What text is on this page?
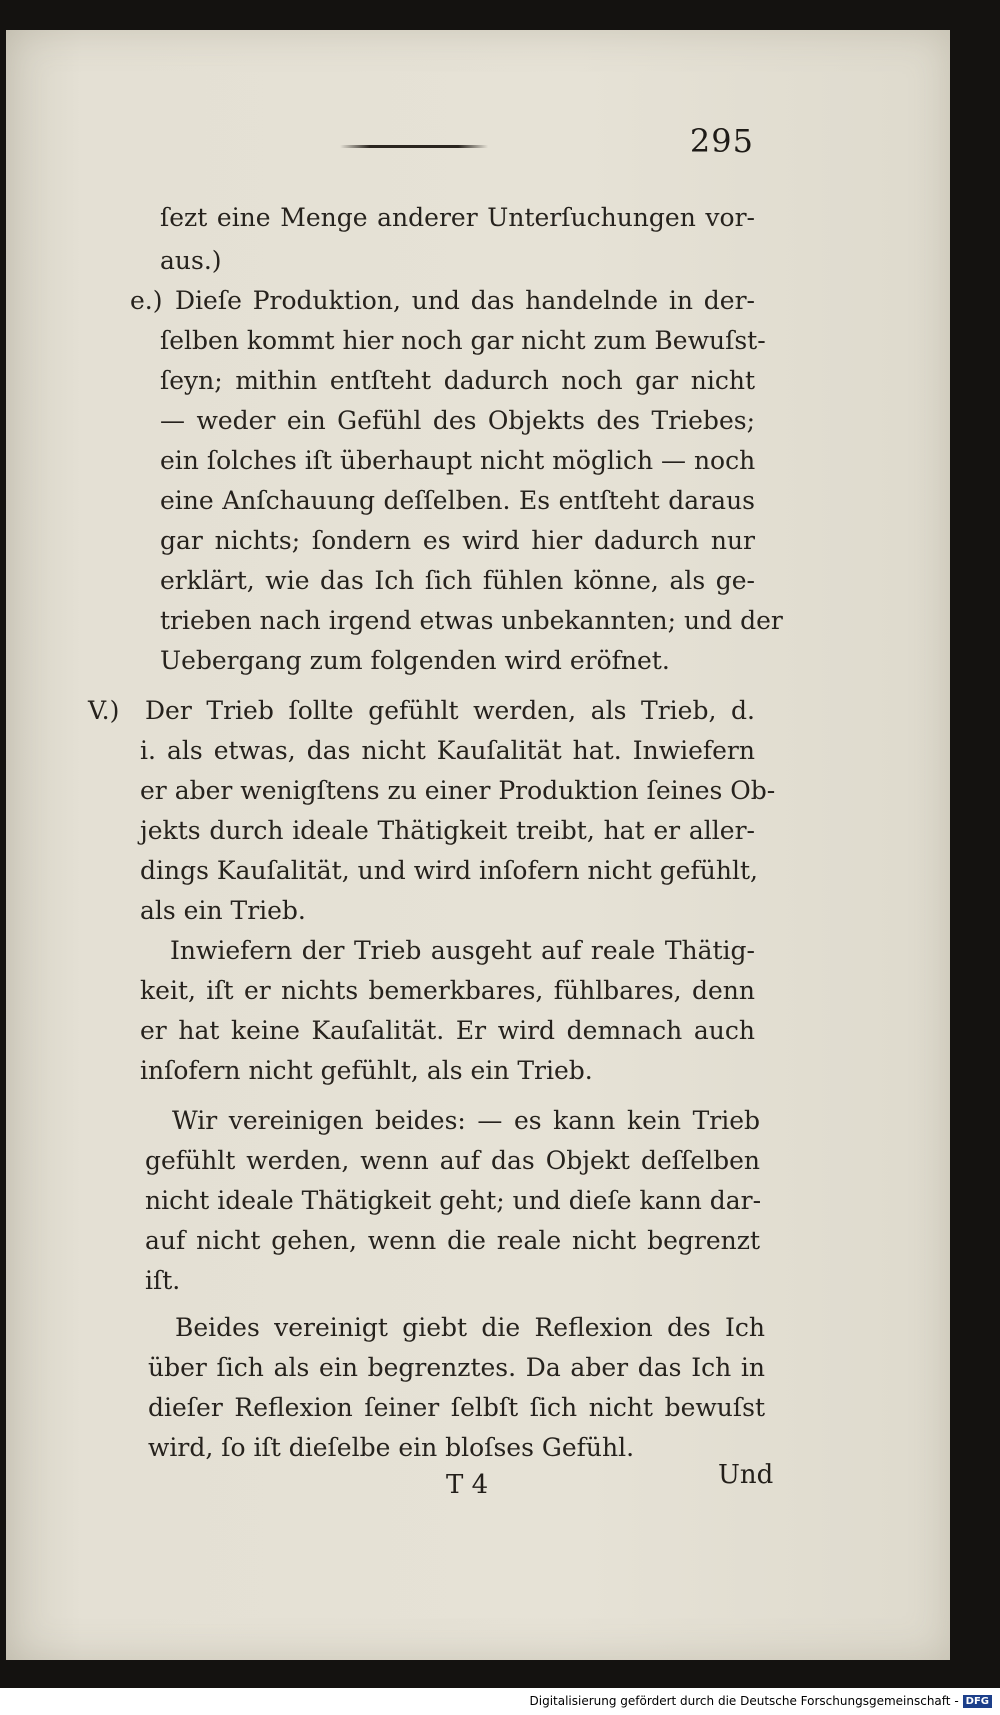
295
ſezt eine Menge anderer Unterſuchungen vor-
aus.)
Dieſe Produktion, und das handelnde in der-
ſelben kommt hier noch gar nicht zum Bewuſst-
ſeyn; mithin entſteht dadurch noch gar nicht
— weder ein Gefühl des Objekts des Triebes;
ein ſolches iſt überhaupt nicht möglich — noch
eine Anſchauung deſſelben. Es entſteht daraus
gar nichts; ſondern es wird hier dadurch nur
erklärt, wie das Ich ſich fühlen könne, als ge-
trieben nach irgend etwas unbekannten; und der
Uebergang zum folgenden wird eröfnet.
Der Trieb ſollte gefühlt werden, als Trieb, d.
i. als etwas, das nicht Kauſalität hat. Inwiefern
er aber wenigſtens zu einer Produktion ſeines Ob-
jekts durch ideale Thätigkeit treibt, hat er aller-
dings Kauſalität, und wird inſofern nicht gefühlt,
als ein Trieb.
Inwiefern der Trieb ausgeht auf reale Thätig-
keit, iſt er nichts bemerkbares, fühlbares, denn
er hat keine Kauſalität. Er wird demnach auch
inſofern nicht gefühlt, als ein Trieb.
Wir vereinigen beides: — es kann kein Trieb
gefühlt werden, wenn auf das Objekt deſſelben
nicht ideale Thätigkeit geht; und dieſe kann dar-
auf nicht gehen, wenn die reale nicht begrenzt
iſt.
Beides vereinigt giebt die Reflexion des Ich
über ſich als ein begrenztes. Da aber das Ich in
dieſer Reflexion ſeiner ſelbſt ſich nicht bewuſst
wird, ſo iſt dieſelbe ein bloſses Gefühl.
e.)
V.)
T 4	Und
Digitalisierung gefördert durch die Deutsche Forschungsgemeinschaft - DFG
